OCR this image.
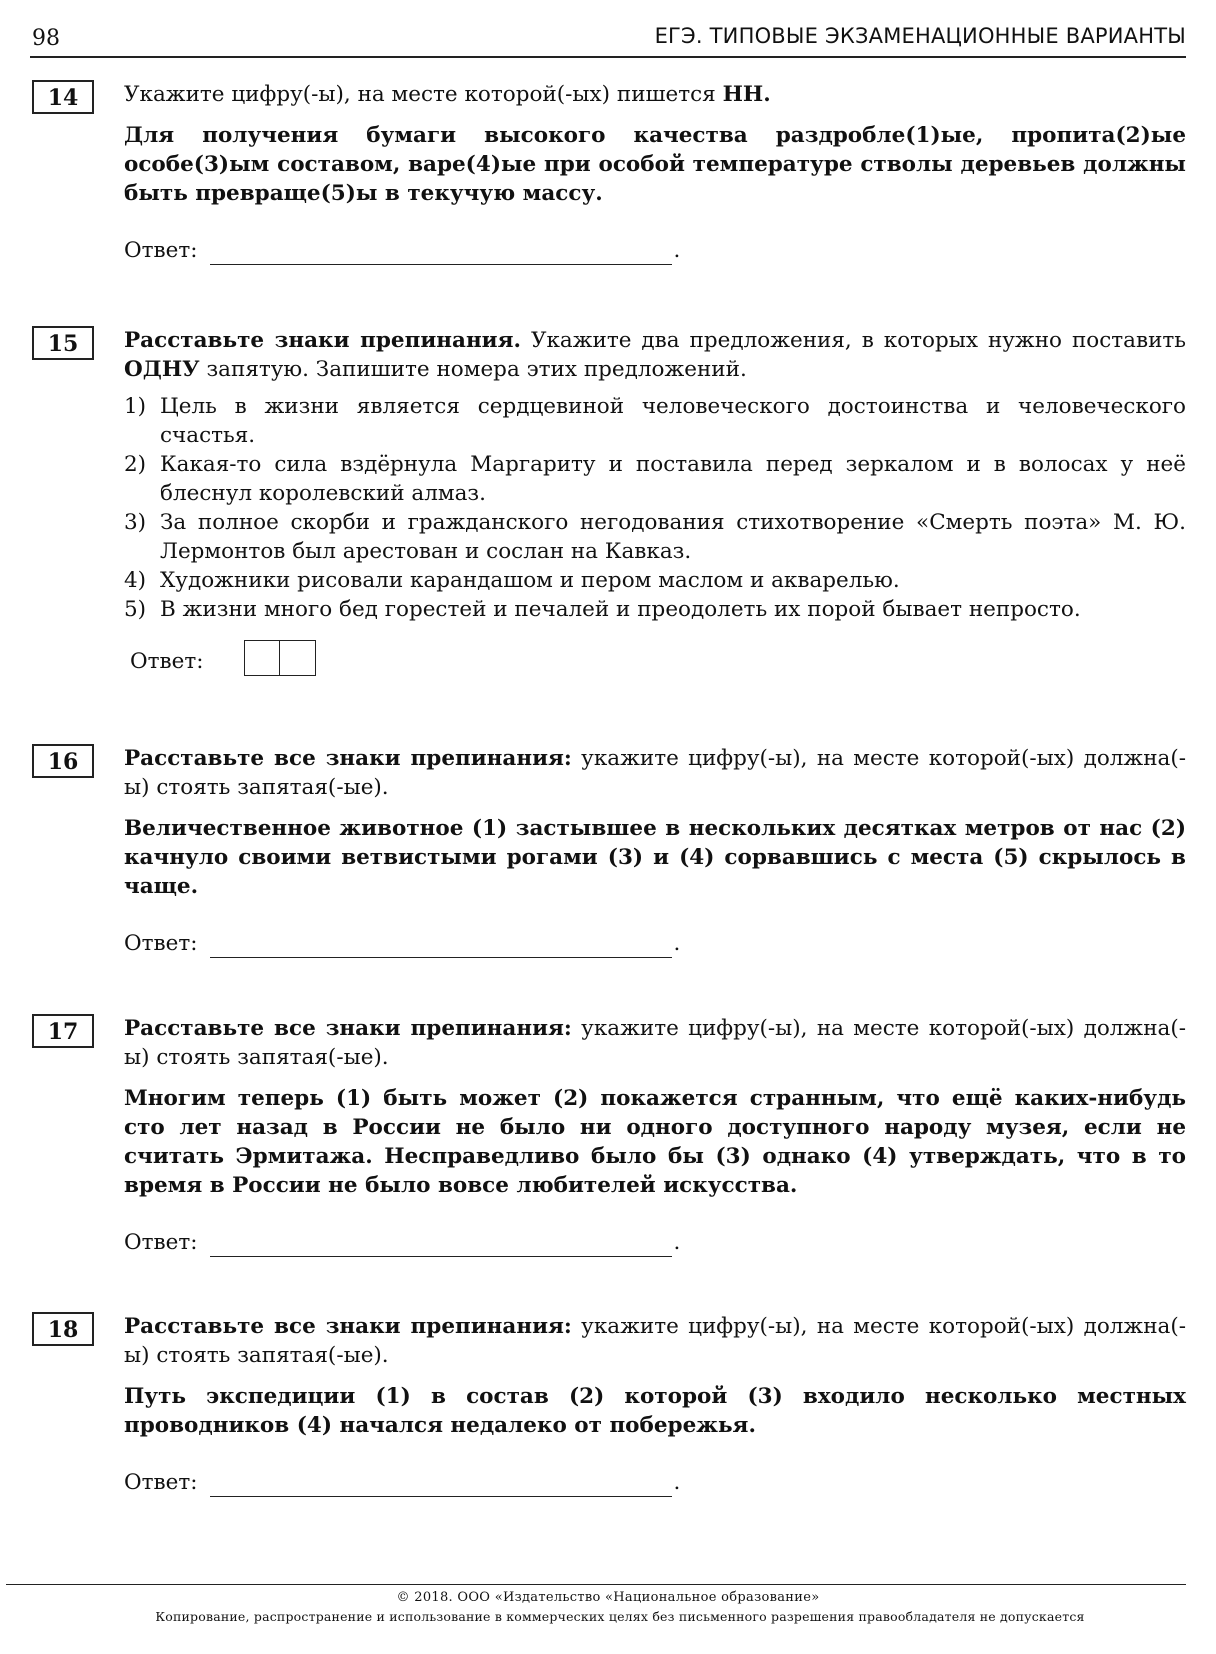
98	ЕГЭ. ТИПОВЫЕ ЭКЗАМЕНАЦИОННЫЕ ВАРИАНТЫ
14	Укажите цифру(-ы), на месте которой(-ых) пишется НН.

Для получения бумаги высокого качества раздробле(1)ые, пропита(2)ые особе(3)ым составом, варе(4)ые при особой температуре стволы деревьев должны быть превраще(5)ы в текучую массу.

Ответ:	.
15	Расставьте знаки препинания. Укажите два предложения, в которых нужно поставить ОДНУ запятую. Запишите номера этих предложений.

1) Цель в жизни является сердцевиной человеческого достоинства и человеческого счастья.
2) Какая-то сила вздёрнула Маргариту и поставила перед зеркалом и в волосах у неё блеснул королевский алмаз.
3) За полное скорби и гражданского негодования стихотворение «Смерть поэта» М. Ю. Лермонтов был арестован и сослан на Кавказ.
4) Художники рисовали карандашом и пером маслом и акварелью.
5) В жизни много бед горестей и печалей и преодолеть их порой бывает непросто.
Ответ:
16	Расставьте все знаки препинания: укажите цифру(-ы), на месте которой(-ых) должна(-ы) стоять запятая(-ые).

Величественное животное (1) застывшее в нескольких десятках метров от нас (2) качнуло своими ветвистыми рогами (3) и (4) сорвавшись с места (5) скрылось в чаще.

Ответ:	.
17	Расставьте все знаки препинания: укажите цифру(-ы), на месте которой(-ых) должна(-ы) стоять запятая(-ые).

Многим теперь (1) быть может (2) покажется странным, что ещё каких-нибудь сто лет назад в России не было ни одного доступного народу музея, если не считать Эрмитажа. Несправедливо было бы (3) однако (4) утверждать, что в то время в России не было вовсе любителей искусства.

Ответ:	.
18	Расставьте все знаки препинания: укажите цифру(-ы), на месте которой(-ых) должна(-ы) стоять запятая(-ые).

Путь экспедиции (1) в состав (2) которой (3) входило несколько местных проводников (4) начался недалеко от побережья.

Ответ:	.
© 2018. ООО «Издательство «Национальное образование»
Копирование, распространение и использование в коммерческих целях без письменного разрешения правообладателя не допускается
